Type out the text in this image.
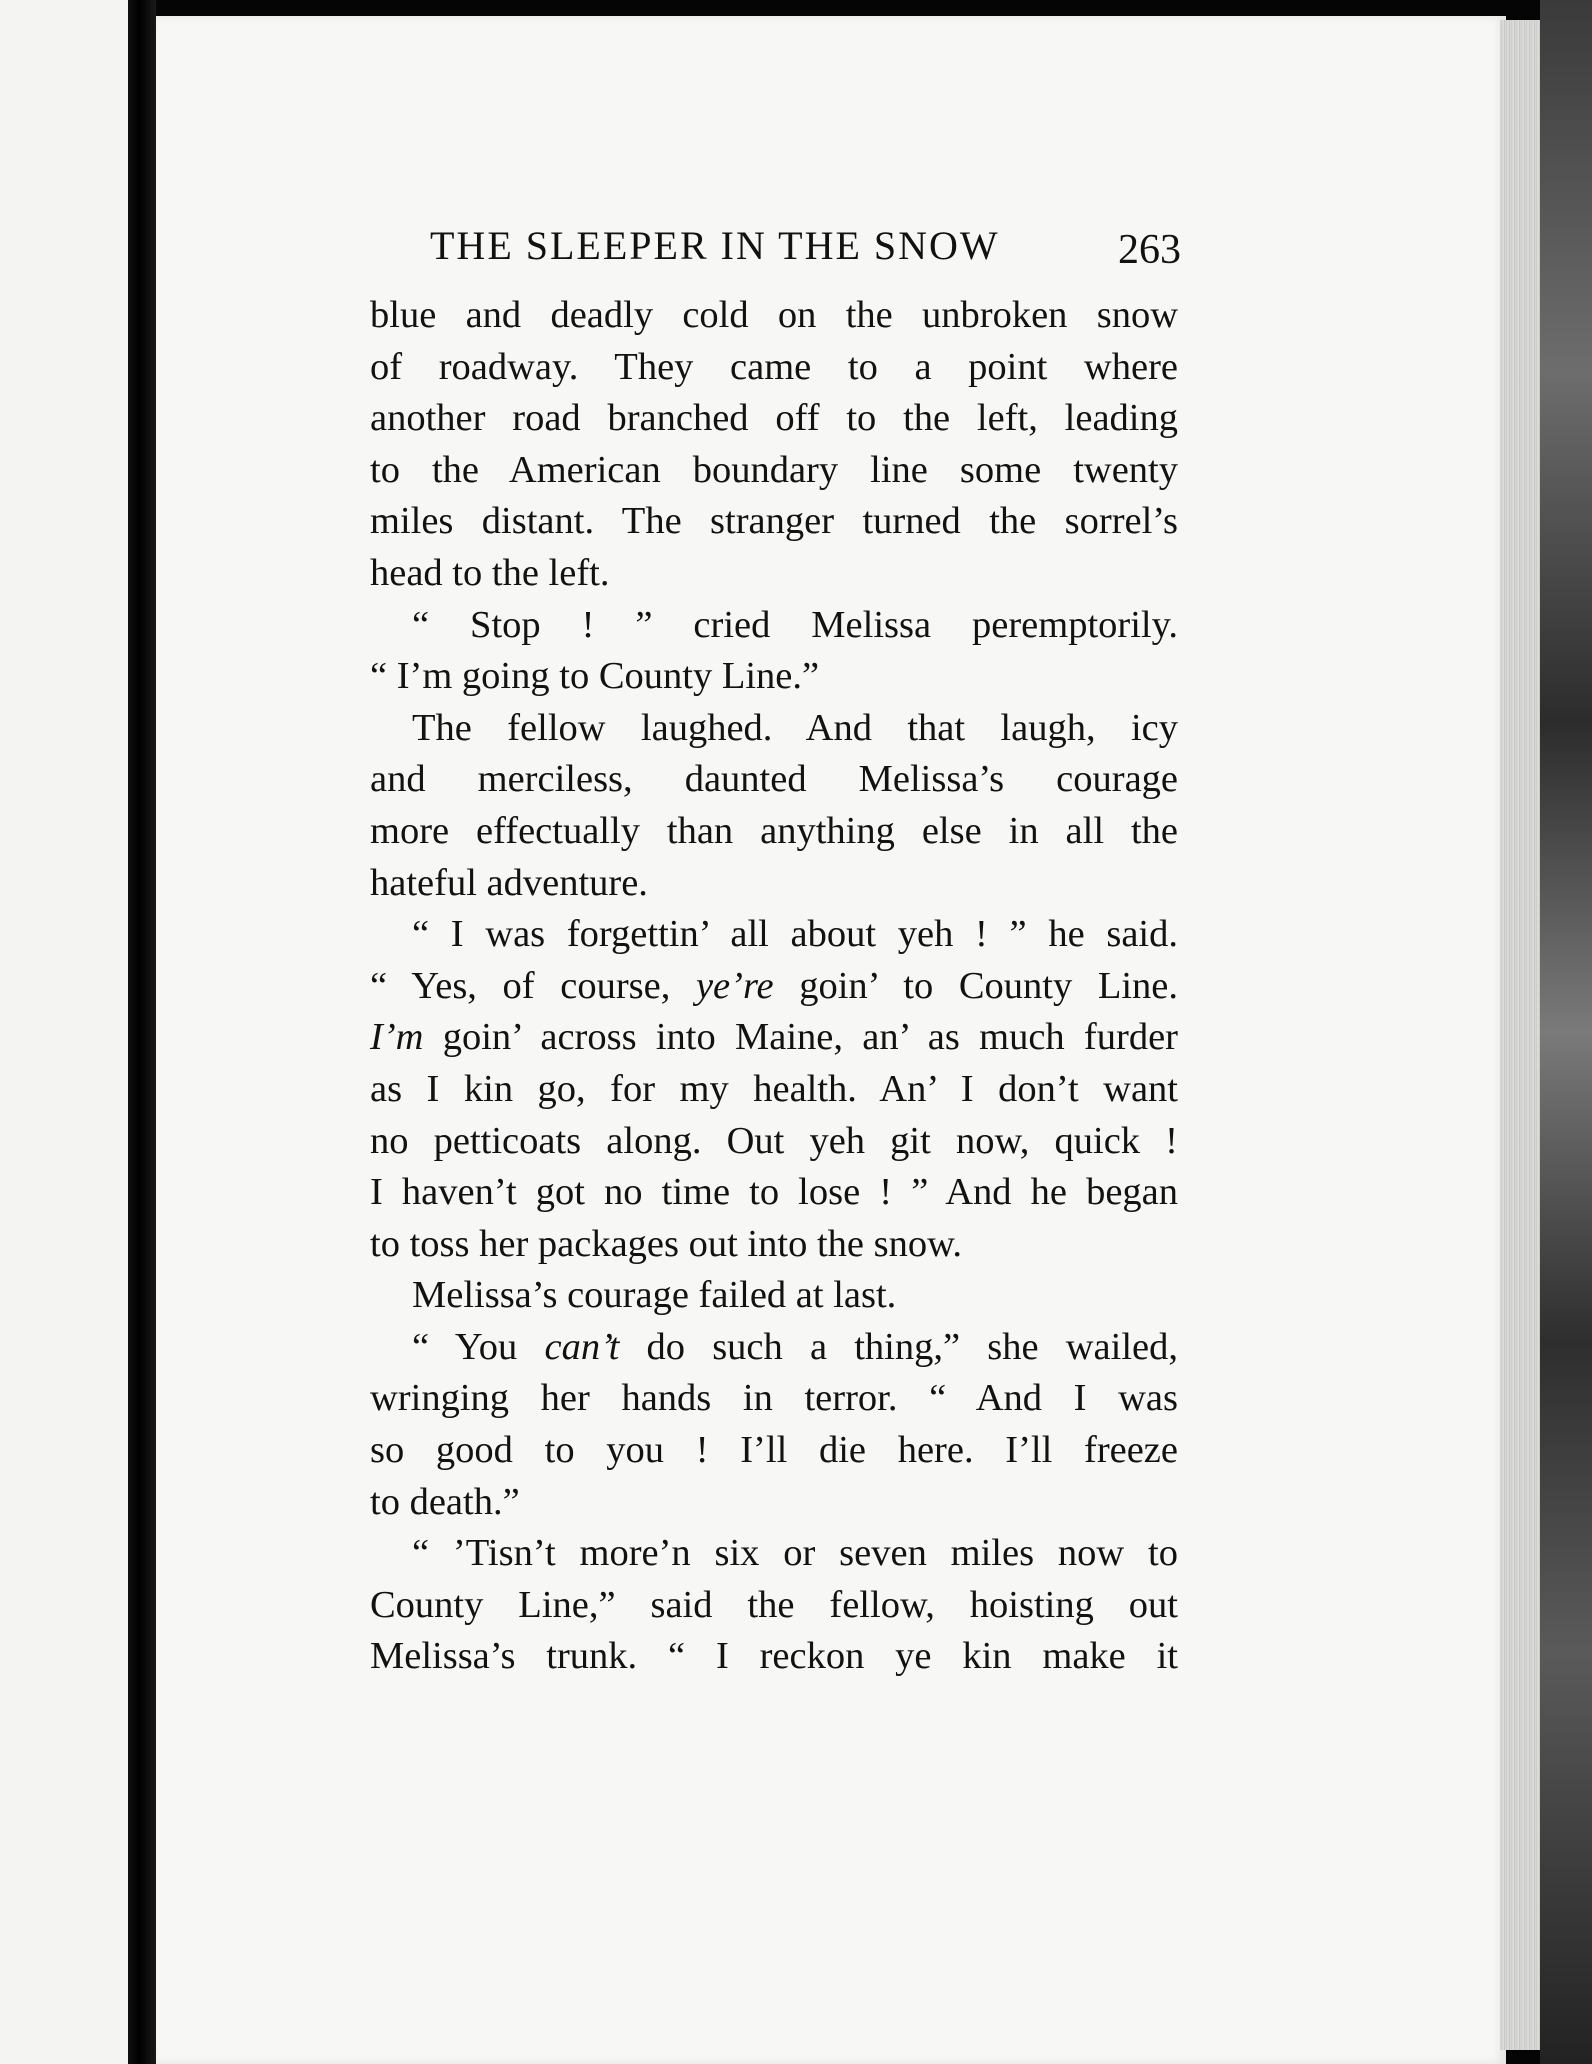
THE SLEEPER IN THE SNOW	263
blue and deadly cold on the unbroken snow
of roadway. They came to a point where
another road branched off to the left, leading
to the American boundary line some twenty
miles distant. The stranger turned the sorrel’s
head to the left.
“ Stop ! ” cried Melissa peremptorily.
“ I’m going to County Line.”
The fellow laughed. And that laugh, icy
and merciless, daunted Melissa’s courage
more effectually than anything else in all the
hateful adventure.
“ I was forgettin’ all about yeh ! ” he said.
“ Yes, of course, ye’re goin’ to County Line.
I’m goin’ across into Maine, an’ as much furder
as I kin go, for my health. An’ I don’t want
no petticoats along. Out yeh git now, quick !
I haven’t got no time to lose ! ” And he began
to toss her packages out into the snow.
Melissa’s courage failed at last.
“ You can’t do such a thing,” she wailed,
wringing her hands in terror. “ And I was
so good to you ! I’ll die here. I’ll freeze
to death.”
“ ’Tisn’t more’n six or seven miles now to
County Line,” said the fellow, hoisting out
Melissa’s trunk. “ I reckon ye kin make it
